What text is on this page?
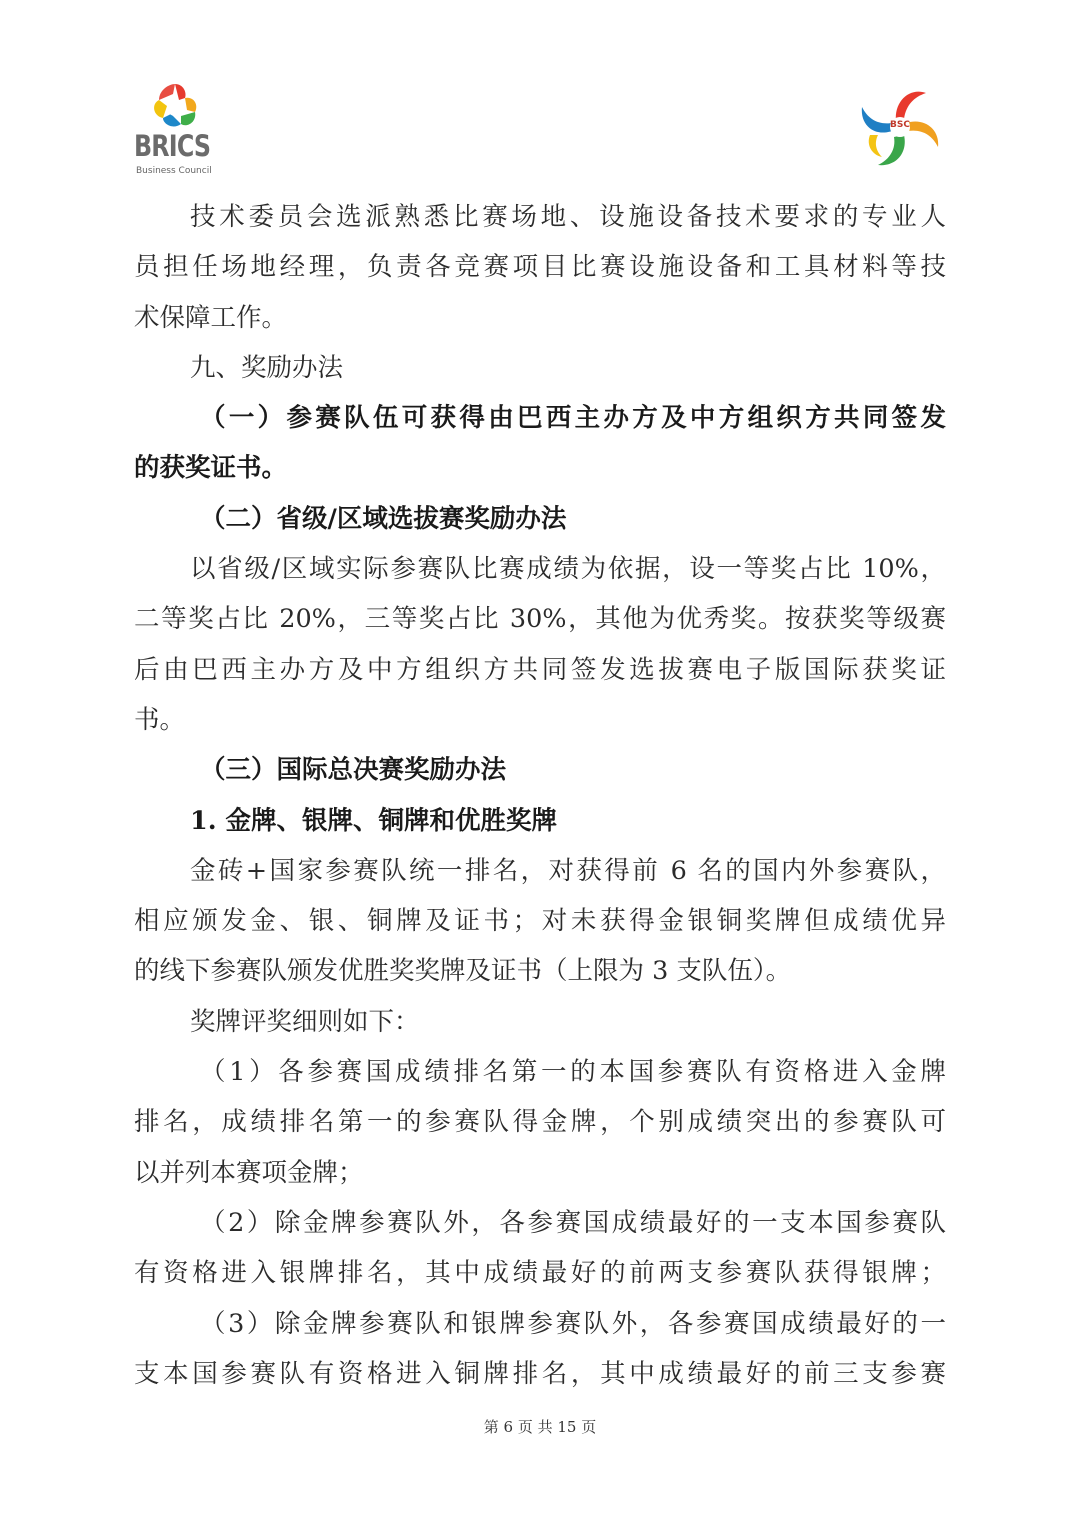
BRICS
Business Council
BSC
技术委员会选派熟悉比赛场地、设施设备技术要求的专业人
员担任场地经理，负责各竞赛项目比赛设施设备和工具材料等技
术保障工作。
九、奖励办法
（一）参赛队伍可获得由巴西主办方及中方组织方共同签发
的获奖证书。
（二）省级/区域选拔赛奖励办法
以省级/区域实际参赛队比赛成绩为依据，设一等奖占比 10%，
二等奖占比 20%，三等奖占比 30%，其他为优秀奖。按获奖等级赛
后由巴西主办方及中方组织方共同签发选拔赛电子版国际获奖证
书。
（三）国际总决赛奖励办法
1. 金牌、银牌、铜牌和优胜奖牌
金砖+国家参赛队统一排名，对获得前 6 名的国内外参赛队，
相应颁发金、银、铜牌及证书；对未获得金银铜奖牌但成绩优异
的线下参赛队颁发优胜奖奖牌及证书（上限为 3 支队伍）。
奖牌评奖细则如下：
（1）各参赛国成绩排名第一的本国参赛队有资格进入金牌
排名，成绩排名第一的参赛队得金牌，个别成绩突出的参赛队可
以并列本赛项金牌；
（2）除金牌参赛队外，各参赛国成绩最好的一支本国参赛队
有资格进入银牌排名，其中成绩最好的前两支参赛队获得银牌；
（3）除金牌参赛队和银牌参赛队外，各参赛国成绩最好的一
支本国参赛队有资格进入铜牌排名，其中成绩最好的前三支参赛
第 6 页 共 15 页
